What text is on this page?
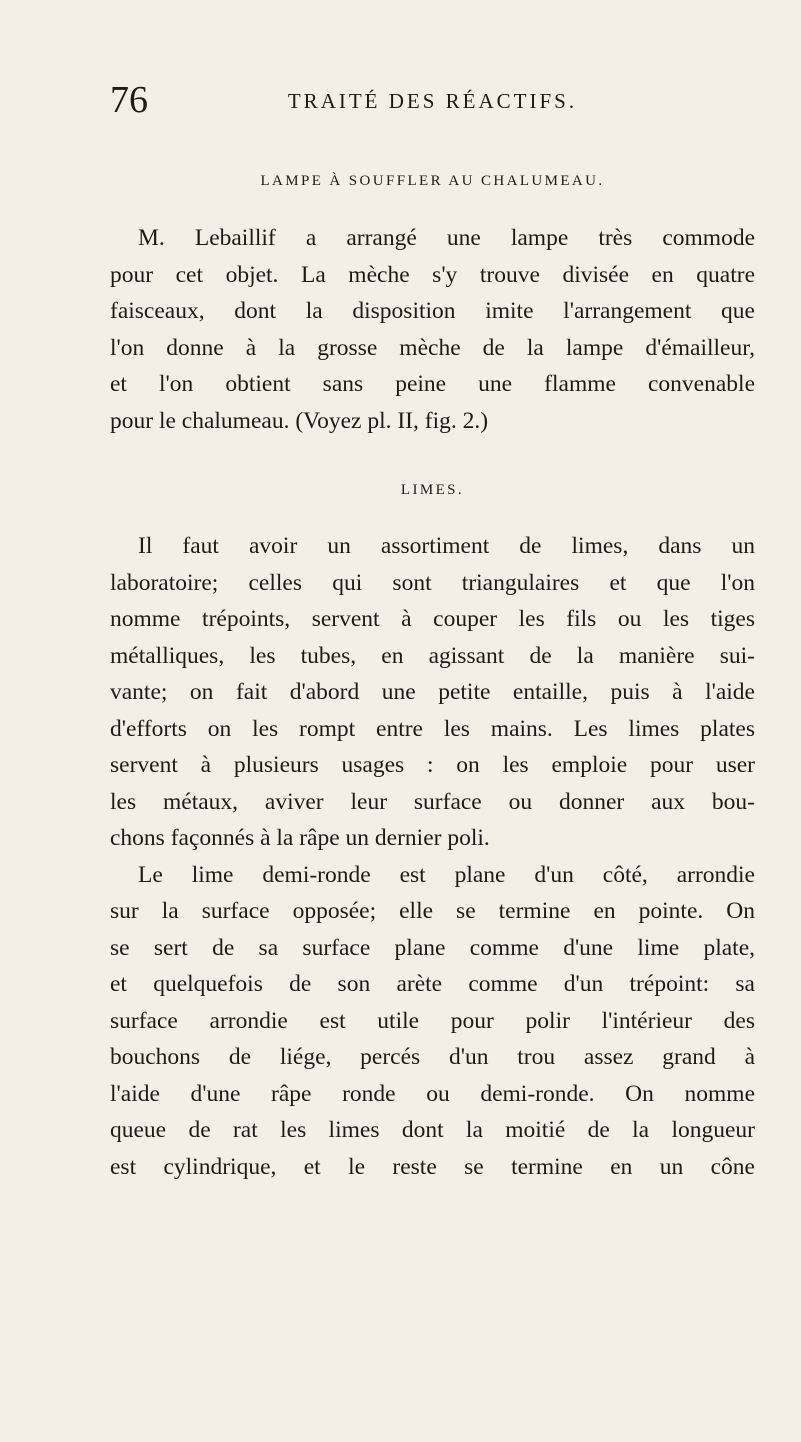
76	TRAITÉ DES RÉACTIFS.
LAMPE À SOUFFLER AU CHALUMEAU.
M. Lebaillif a arrangé une lampe très commode
pour cet objet. La mèche s'y trouve divisée en quatre
faisceaux, dont la disposition imite l'arrangement que
l'on donne à la grosse mèche de la lampe d'émailleur,
et l'on obtient sans peine une flamme convenable
pour le chalumeau. (Voyez pl. II, fig. 2.)
LIMES.
Il faut avoir un assortiment de limes, dans un
laboratoire; celles qui sont triangulaires et que l'on
nomme trépoints, servent à couper les fils ou les tiges
métalliques, les tubes, en agissant de la manière sui-
vante; on fait d'abord une petite entaille, puis à l'aide
d'efforts on les rompt entre les mains. Les limes plates
servent à plusieurs usages : on les emploie pour user
les métaux, aviver leur surface ou donner aux bou-
chons façonnés à la râpe un dernier poli.
Le lime demi-ronde est plane d'un côté, arrondie
sur la surface opposée; elle se termine en pointe. On
se sert de sa surface plane comme d'une lime plate,
et quelquefois de son arète comme d'un trépoint: sa
surface arrondie est utile pour polir l'intérieur des
bouchons de liége, percés d'un trou assez grand à
l'aide d'une râpe ronde ou demi-ronde. On nomme
queue de rat les limes dont la moitié de la longueur
est cylindrique, et le reste se termine en un cône
